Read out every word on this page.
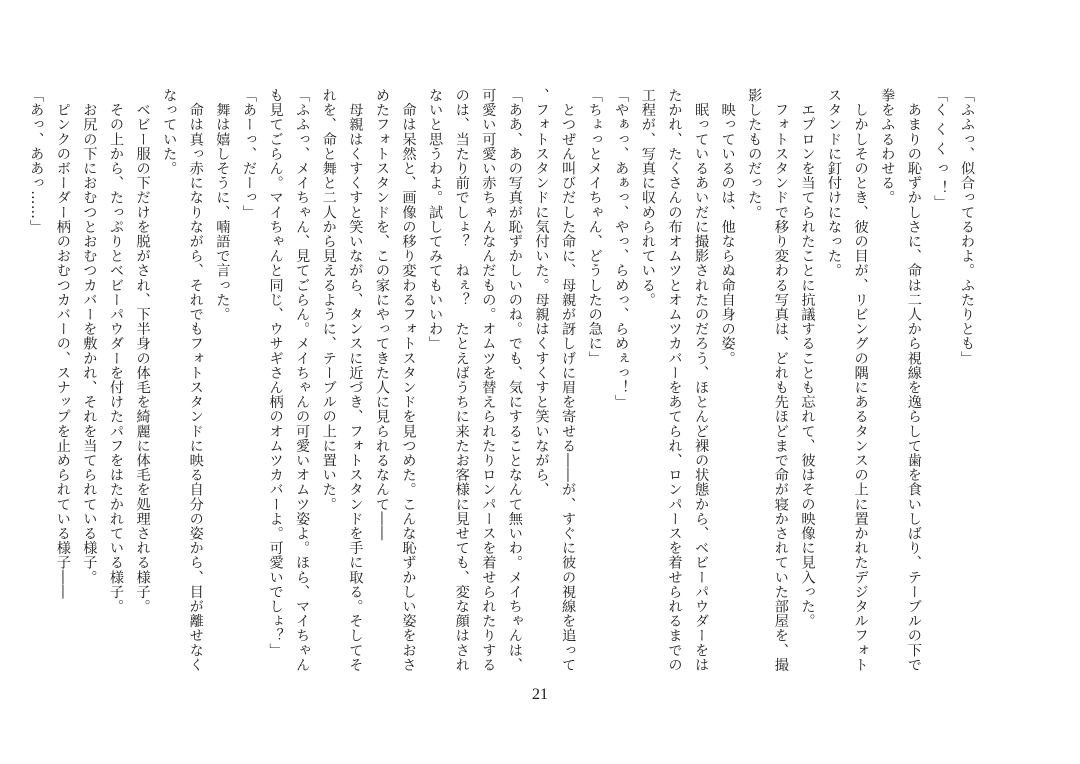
「ふふっ、似合ってるわよ。ふたりとも」
「く く く っ ！」
　あまりの恥ずかしさに、命は二人から視線を逸らして歯を食いしばり、テーブルの下で
拳をふるわせる。
　しかしそのとき、彼の目が、リビングの隅にあるタンスの上に置かれたデジタルフォト
スタンドに釘付けになった。
　エプロンを当てられたことに抗議することも忘れて、彼はその映像に見入った。
　フォトスタンドで移り変わる写真は、どれも先ほどまで命が寝かされていた部屋を、撮
影したものだった。
　映っているのは、他ならぬ命自身の姿。
　眠っているあいだに撮影されたのだろう、ほとんど裸の状態から、ベビーパウダーをは
たかれ、たくさんの布オムツとオムツカバーをあてられ、ロンパースを着せられるまでの
工程が、写真に収められている。
「やぁっ、あぁっ、やっ、らめっ、らめぇっ！」
「ちょっとメイちゃん、どうしたの急に」
　とつぜん叫びだした命に、母親が訝しげに眉を寄せる――が、すぐに彼の視線を追って
、フォトスタンドに気付いた。母親はくすくすと笑いながら、
「ああ、あの写真が恥ずかしいのね。でも、気にすることなんて無いわ。メイちゃんは、
可愛い可愛い赤ちゃんなんだもの。オムツを替えられたりロンパースを着せられたりする
のは、当たり前でしょ？　ねぇ？　たとえばうちに来たお客様に見せても、変な顔はされ
ないと思うわよ。試してみてもいいわ」
　命は呆然と、画像の移り変わるフォトスタンドを見つめた。こんな恥ずかしい姿をおさ
めたフォトスタンドを、この家にやってきた人に見られるなんて――
　母親はくすくすと笑いながら、タンスに近づき、フォトスタンドを手に取る。そしてそ
れを、命と舞と二人から見えるように、テーブルの上に置いた。
「ふふっ、メイちゃん、見てごらん。メイちゃんの可愛いオムツ姿よ。ほら、マイちゃん
も見てごらん。マイちゃんと同じ、ウサギさん柄のオムツカバーよ。可愛いでしょ？」
「あーっ、だーっ」
　舞は嬉しそうに、喃語で言った。
　命は真っ赤になりながら、それでもフォトスタンドに映る自分の姿から、目が離せなく
なっていた。
　ベビー服の下だけを脱がされ、下半身の体毛を綺麗に体毛を処理される様子。
　その上から、たっぷりとベビーパウダーを付けたパフをはたかれている様子。
　お尻の下におむつとおむつカバーを敷かれ、それを当てられている様子。
　ピンクのボーダー柄のおむつカバーの、スナップを止められている様子――
「あっ、ああっ……」
21
